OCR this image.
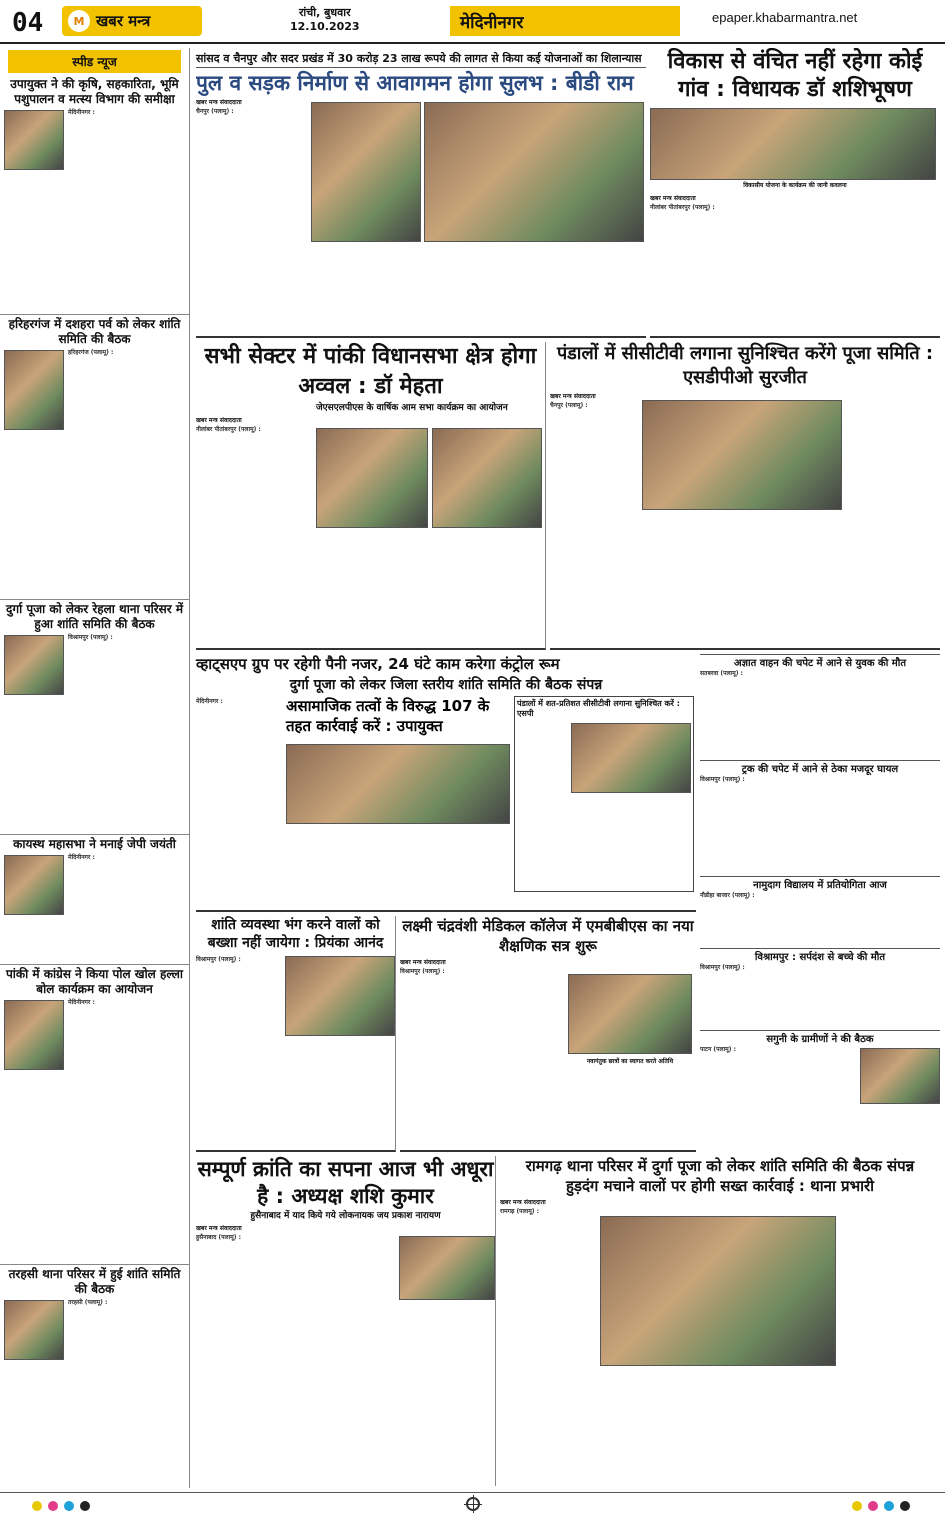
04	M खबर मन्त्र	रांची, बुधवार
12.10.2023	मेदिनीनगर	epaper.khabarmantra.net
स्पीड न्यूज
उपायुक्त ने की कृषि, सहकारिता, भूमि पशुपालन व मत्स्य विभाग की समीक्षा
मेदिनीनगर :
हरिहरगंज में दशहरा पर्व को लेकर शांति समिति की बैठक
हरिहरगंज (पलामू) :
दुर्गा पूजा को लेकर रेहला थाना परिसर में हुआ शांति समिति की बैठक
विश्रामपुर (पलामू) :
कायस्थ महासभा ने मनाई जेपी जयंती
मेदिनीनगर :
पांकी में कांग्रेस ने किया पोल खोल हल्ला बोल कार्यक्रम का आयोजन
मेदिनीनगर :
तरहसी थाना परिसर में हुई शांति समिति की बैठक
तरहसी (पलामू) :
सांसद व चैनपुर और सदर प्रखंड में 30 करोड़ 23 लाख रूपये की लागत से किया कई योजनाओं का शिलान्यास
पुल व सड़क निर्माण से आवागमन होगा सुलभ : बीडी राम
खबर मन्त्र संवाददाता
चैनपुर (पलामू) :
विकास से वंचित नहीं रहेगा कोई गांव : विधायक डॉ शशिभूषण
विकासीय योजना के कार्यक्रम की जानी कवलना
खबर मन्त्र संवाददाता
नीलांबर पीतांबरपुर (पलामू) :
सभी सेक्टर में पांकी विधानसभा क्षेत्र होगा अव्वल : डॉ मेहता
जेएसएलपीएस के वार्षिक आम सभा कार्यक्रम का आयोजन
खबर मन्त्र संवाददाता
नीलांबर पीतांबरपुर (पलामू) :
पंडालों में सीसीटीवी लगाना सुनिश्चित करेंगे पूजा समिति : एसडीपीओ सुरजीत
खबर मन्त्र संवाददाता
चैनपुर (पलामू) :
व्हाट्सएप ग्रुप पर रहेगी पैनी नजर, 24 घंटे काम करेगा कंट्रोल रूम
दुर्गा पूजा को लेकर जिला स्तरीय शांति समिति की बैठक संपन्न
असामाजिक तत्वों के विरुद्ध 107 के तहत कार्रवाई करें : उपायुक्त
पंडालों में शत-प्रतिशत सीसीटीवी लगाना सुनिश्चित करें : एसपी
मेदिनीनगर :
अज्ञात वाहन की चपेट में आने से युवक की मौत
सतबरवा (पलामू) :
ट्रक की चपेट में आने से ठेका मजदूर घायल
विश्रामपुर (पलामू) :
नामुदाग विद्यालय में प्रतियोगिता आज
नौडीहा बाजार (पलामू) :
विश्रामपुर : सर्पदंश से बच्चे की मौत
विश्रामपुर (पलामू) :
सगुनी के ग्रामीणों ने की बैठक
पाटन (पलामू) :
शांति व्यवस्था भंग करने वालों को बख्शा नहीं जायेगा : प्रियंका आनंद
विश्रामपुर (पलामू) :
लक्ष्मी चंद्रवंशी मेडिकल कॉलेज में एमबीबीएस का नया शैक्षणिक सत्र शुरू
खबर मन्त्र संवाददाता
नवागंतुक छात्रों का स्वागत करते अतिथि
विश्रामपुर (पलामू) :
सम्पूर्ण क्रांति का सपना आज भी अधूरा है : अध्यक्ष शशि कुमार
हुसैनाबाद में याद किये गये लोकनायक जय प्रकाश नारायण
खबर मन्त्र संवाददाता
हुसैनाबाद (पलामू) :
रामगढ़ थाना परिसर में दुर्गा पूजा को लेकर शांति समिति की बैठक संपन्न
हुड़दंग मचाने वालों पर होगी सख्त कार्रवाई : थाना प्रभारी
खबर मन्त्र संवाददाता
रामगढ़ (पलामू) :
